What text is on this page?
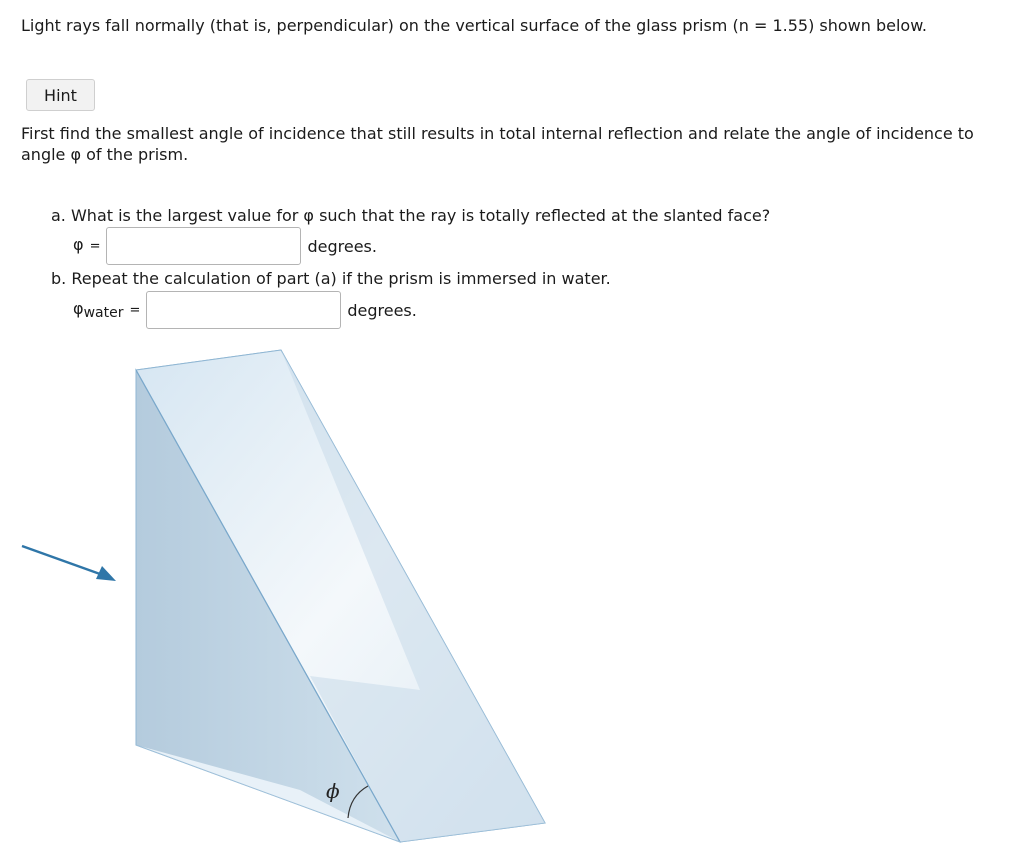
Light rays fall normally (that is, perpendicular) on the vertical surface of the glass prism (n = 1.55) shown below.

Hint

First find the smallest angle of incidence that still results in total internal reflection and relate the angle of incidence to angle φ of the prism.

a. What is the largest value for φ such that the ray is totally reflected at the slanted face?

φ =	degrees.

b. Repeat the calculation of part (a) if the prism is immersed in water.

$\varphi_{water}$ =	degrees.
ϕ
